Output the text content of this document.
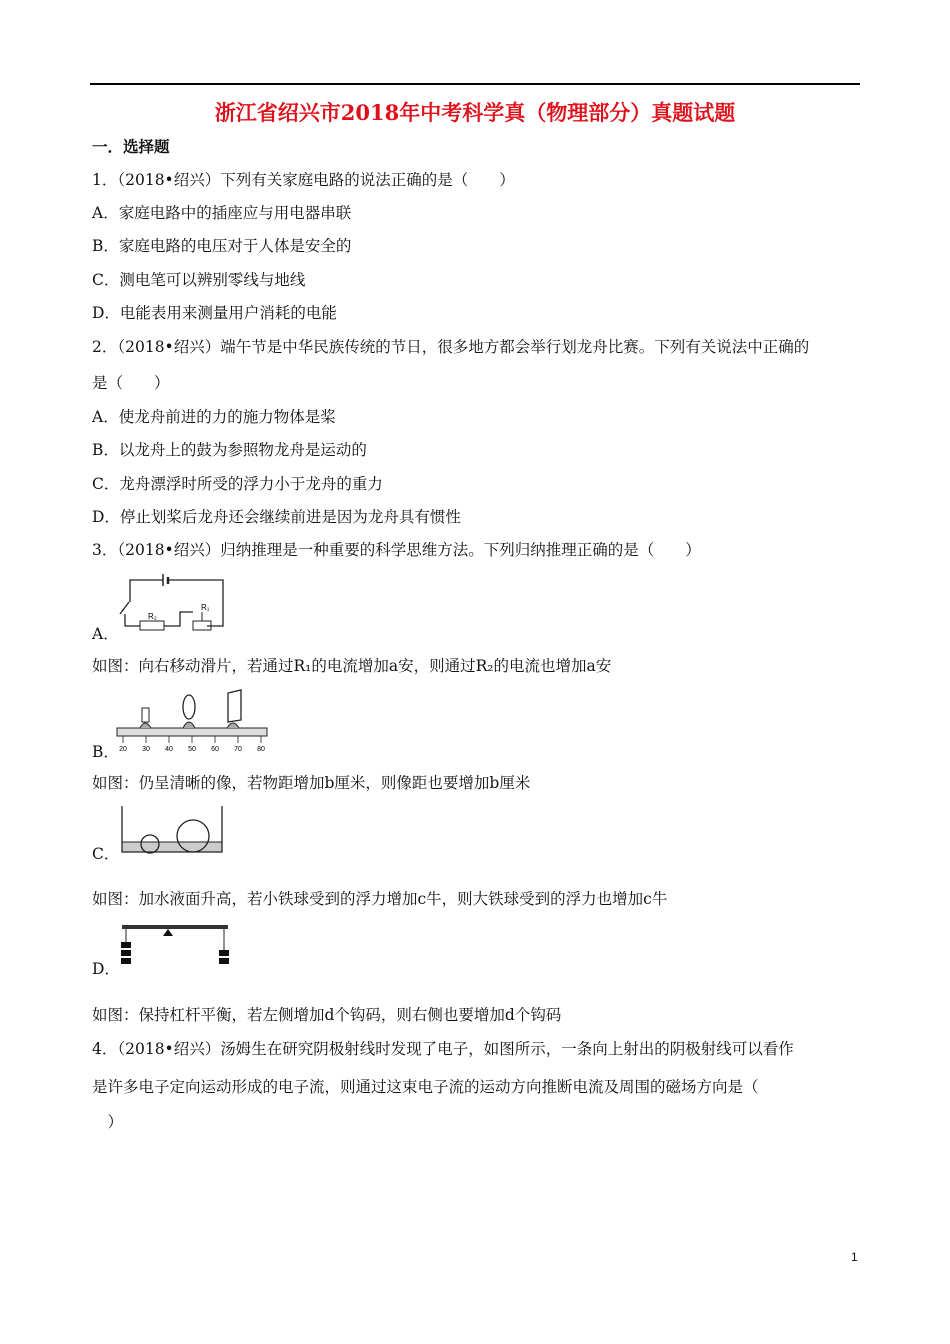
浙江省绍兴市2018年中考科学真（物理部分）真题试题
一．选择题
1．（2018•绍兴）下列有关家庭电路的说法正确的是（　　）
A．家庭电路中的插座应与用电器串联
B．家庭电路的电压对于人体是安全的
C．测电笔可以辨别零线与地线
D．电能表用来测量用户消耗的电能
2．（2018•绍兴）端午节是中华民族传统的节日，很多地方都会举行划龙舟比赛。下列有关说法中正确的
是（　　）
A．使龙舟前进的力的施力物体是桨
B．以龙舟上的鼓为参照物龙舟是运动的
C．龙舟漂浮时所受的浮力小于龙舟的重力
D．停止划桨后龙舟还会继续前进是因为龙舟具有惯性
3．（2018•绍兴）归纳推理是一种重要的科学思维方法。下列归纳推理正确的是（　　）
A．
R₂
R₁
如图：向右移动滑片，若通过R₁的电流增加a安，则通过R₂的电流也增加a安
B． 20 30 40 50 60 70 80
如图：仍呈清晰的像，若物距增加b厘米，则像距也要增加b厘米
C．
如图：加水液面升高，若小铁球受到的浮力增加c牛，则大铁球受到的浮力也增加c牛
D．
如图：保持杠杆平衡，若左侧增加d个钩码，则右侧也要增加d个钩码
4．（2018•绍兴）汤姆生在研究阴极射线时发现了电子，如图所示，一条向上射出的阴极射线可以看作
是许多电子定向运动形成的电子流，则通过这束电子流的运动方向推断电流及周围的磁场方向是（
　）
1
